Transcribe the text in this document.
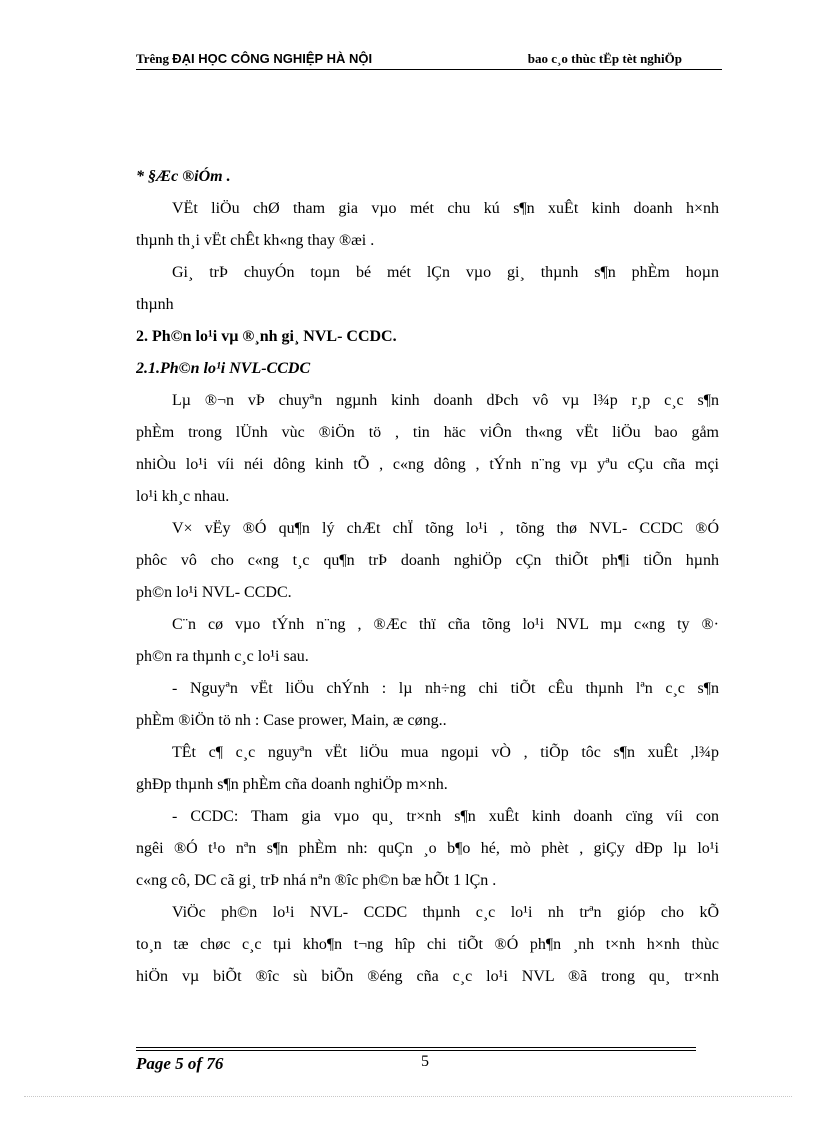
Trêng ĐẠI HỌC CÔNG NGHIỆP HÀ NỘI	bao c¸o thùc tËp tèt nghiÖp
* §Æc ®iÓm .
VËt liÖu chØ tham gia vµo mét chu kú s¶n xuÊt kinh doanh h×nh
thµnh th¸i vËt chÊt kh«ng thay ®æi .
Gi¸ trÞ chuyÓn toµn bé mét lÇn vµo gi¸ thµnh s¶n phÈm hoµn
thµnh
2. Ph©n lo¹i vµ ®¸nh gi¸ NVL- CCDC.
2.1.Ph©n lo¹i NVL-CCDC
Lµ ®¬n vÞ chuyªn ngµnh kinh doanh dÞch vô vµ l¾p r¸p c¸c s¶n
phÈm trong lÜnh vùc ®iÖn tö , tin häc viÔn th«ng vËt liÖu bao gåm
nhiÒu lo¹i víi néi dông kinh tÕ , c«ng dông , tÝnh n¨ng vµ yªu cÇu cña mçi
lo¹i kh¸c nhau.
V× vËy ®Ó qu¶n lý chÆt chÏ tõng lo¹i , tõng thø NVL- CCDC ®Ó
phôc vô cho c«ng t¸c qu¶n trÞ doanh nghiÖp cÇn thiÕt ph¶i tiÕn hµnh
ph©n lo¹i NVL- CCDC.
C¨n cø vµo tÝnh n¨ng , ®Æc thï cña tõng lo¹i NVL mµ c«ng ty ®·
ph©n ra thµnh c¸c lo¹i sau.
- Nguyªn vËt liÖu chÝnh : lµ nh÷ng chi tiÕt cÊu thµnh lªn c¸c s¶n
phÈm ®iÖn tö nh : Case prower, Main, æ cøng..
TÊt c¶ c¸c nguyªn vËt liÖu mua ngoµi vÒ , tiÕp tôc s¶n xuÊt ,l¾p
ghÐp thµnh s¶n phÈm cña doanh nghiÖp m×nh.
- CCDC: Tham gia vµo qu¸ tr×nh s¶n xuÊt kinh doanh cïng víi con
ngêi ®Ó t¹o nªn s¶n phÈm nh: quÇn ¸o b¶o hé, mò phèt , giÇy dÐp lµ lo¹i
c«ng cô, DC cã gi¸ trÞ nhá nªn ®îc ph©n bæ hÕt 1 lÇn .
ViÖc ph©n lo¹i NVL- CCDC thµnh c¸c lo¹i nh trªn gióp cho kÕ
to¸n tæ chøc c¸c tµi kho¶n t¬ng hîp chi tiÕt ®Ó ph¶n ¸nh t×nh h×nh thùc
hiÖn vµ biÕt ®îc sù biÕn ®éng cña c¸c lo¹i NVL ®ã trong qu¸ tr×nh
Page 5 of 76	5
